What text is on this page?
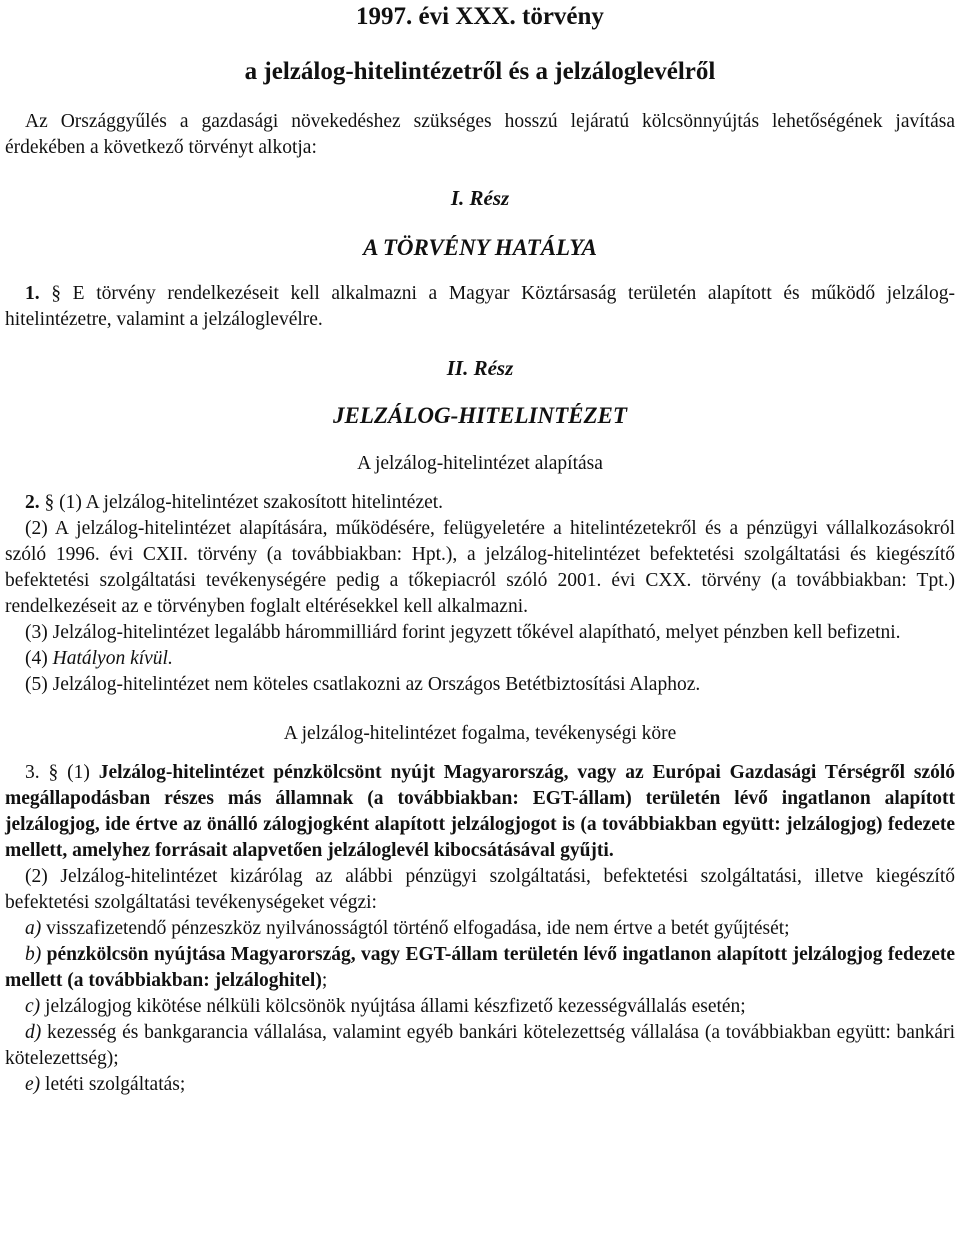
1997. évi XXX. törvény
a jelzálog-hitelintézetről és a jelzáloglevélről

Az Országgyűlés a gazdasági növekedéshez szükséges hosszú lejáratú kölcsönnyújtás lehetőségének javítása érdekében a következő törvényt alkotja:

I. Rész
A TÖRVÉNY HATÁLYA

1. § E törvény rendelkezéseit kell alkalmazni a Magyar Köztársaság területén alapított és működő jelzálog-hitelintézetre, valamint a jelzáloglevélre.

II. Rész
JELZÁLOG-HITELINTÉZET
A jelzálog-hitelintézet alapítása

2. § (1) A jelzálog-hitelintézet szakosított hitelintézet.

(2) A jelzálog-hitelintézet alapítására, működésére, felügyeletére a hitelintézetekről és a pénzügyi vállalkozásokról szóló 1996. évi CXII. törvény (a továbbiakban: Hpt.), a jelzálog-hitelintézet befektetési szolgáltatási és kiegészítő befektetési szolgáltatási tevékenységére pedig a tőkepiacról szóló 2001. évi CXX. törvény (a továbbiakban: Tpt.) rendelkezéseit az e törvényben foglalt eltérésekkel kell alkalmazni.

(3) Jelzálog-hitelintézet legalább hárommilliárd forint jegyzett tőkével alapítható, melyet pénzben kell befizetni.

(4) Hatályon kívül.

(5) Jelzálog-hitelintézet nem köteles csatlakozni az Országos Betétbiztosítási Alaphoz.

A jelzálog-hitelintézet fogalma, tevékenységi köre

3. § (1) Jelzálog-hitelintézet pénzkölcsönt nyújt Magyarország, vagy az Európai Gazdasági Térségről szóló megállapodásban részes más államnak (a továbbiakban: EGT-állam) területén lévő ingatlanon alapított jelzálogjog, ide értve az önálló zálogjogként alapított jelzálogjogot is (a továbbiakban együtt: jelzálogjog) fedezete mellett, amelyhez forrásait alapvetően jelzáloglevél kibocsátásával gyűjti.

(2) Jelzálog-hitelintézet kizárólag az alábbi pénzügyi szolgáltatási, befektetési szolgáltatási, illetve kiegészítő befektetési szolgáltatási tevékenységeket végzi:

a) visszafizetendő pénzeszköz nyilvánosságtól történő elfogadása, ide nem értve a betét gyűjtését;

b) pénzkölcsön nyújtása Magyarország, vagy EGT-állam területén lévő ingatlanon alapított jelzálogjog fedezete mellett (a továbbiakban: jelzáloghitel);

c) jelzálogjog kikötése nélküli kölcsönök nyújtása állami készfizető kezességvállalás esetén;

d) kezesség és bankgarancia vállalása, valamint egyéb bankári kötelezettség vállalása (a továbbiakban együtt: bankári kötelezettség);

e) letéti szolgáltatás;
